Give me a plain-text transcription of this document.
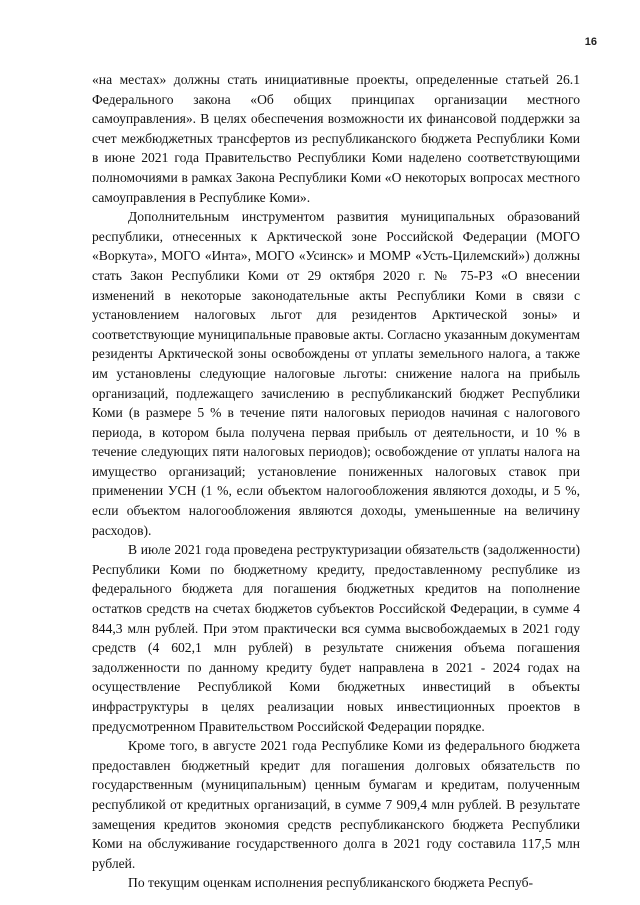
16

«на местах» должны стать инициативные проекты, определенные статьей 26.1 Федерального закона «Об общих принципах организации местного самоуправления». В целях обеспечения возможности их финансовой поддержки за счет межбюджетных трансфертов из республиканского бюджета Республики Коми в июне 2021 года Правительство Республики Коми наделено соответствующими полномочиями в рамках Закона Республики Коми «О некоторых вопросах местного самоуправления в Республике Коми».

Дополнительным инструментом развития муниципальных образований республики, отнесенных к Арктической зоне Российской Федерации (МОГО «Воркута», МОГО «Инта», МОГО «Усинск» и МОМР «Усть-Цилемский») должны стать Закон Республики Коми от 29 октября 2020 г. № 75-РЗ «О внесении изменений в некоторые законодательные акты Республики Коми в связи с установлением налоговых льгот для резидентов Арктической зоны» и соответствующие муниципальные правовые акты. Согласно указанным документам резиденты Арктической зоны освобождены от уплаты земельного налога, а также им установлены следующие налоговые льготы: снижение налога на прибыль организаций, подлежащего зачислению в республиканский бюджет Республики Коми (в размере 5 % в течение пяти налоговых периодов начиная с налогового периода, в котором была получена первая прибыль от деятельности, и 10 % в течение следующих пяти налоговых периодов); освобождение от уплаты налога на имущество организаций; установление пониженных налоговых ставок при применении УСН (1 %, если объектом налогообложения являются доходы, и 5 %, если объектом налогообложения являются доходы, уменьшенные на величину расходов).

В июле 2021 года проведена реструктуризации обязательств (задолженности) Республики Коми по бюджетному кредиту, предоставленному республике из федерального бюджета для погашения бюджетных кредитов на пополнение остатков средств на счетах бюджетов субъектов Российской Федерации, в сумме 4 844,3 млн рублей. При этом практически вся сумма высвобождаемых в 2021 году средств (4 602,1 млн рублей) в результате снижения объема погашения задолженности по данному кредиту будет направлена в 2021 - 2024 годах на осуществление Республикой Коми бюджетных инвестиций в объекты инфраструктуры в целях реализации новых инвестиционных проектов в предусмотренном Правительством Российской Федерации порядке.

Кроме того, в августе 2021 года Республике Коми из федерального бюджета предоставлен бюджетный кредит для погашения долговых обязательств по государственным (муниципальным) ценным бумагам и кредитам, полученным республикой от кредитных организаций, в сумме 7 909,4 млн рублей. В результате замещения кредитов экономия средств республиканского бюджета Республики Коми на обслуживание государственного долга в 2021 году составила 117,5 млн рублей.

По текущим оценкам исполнения республиканского бюджета Респуб-
